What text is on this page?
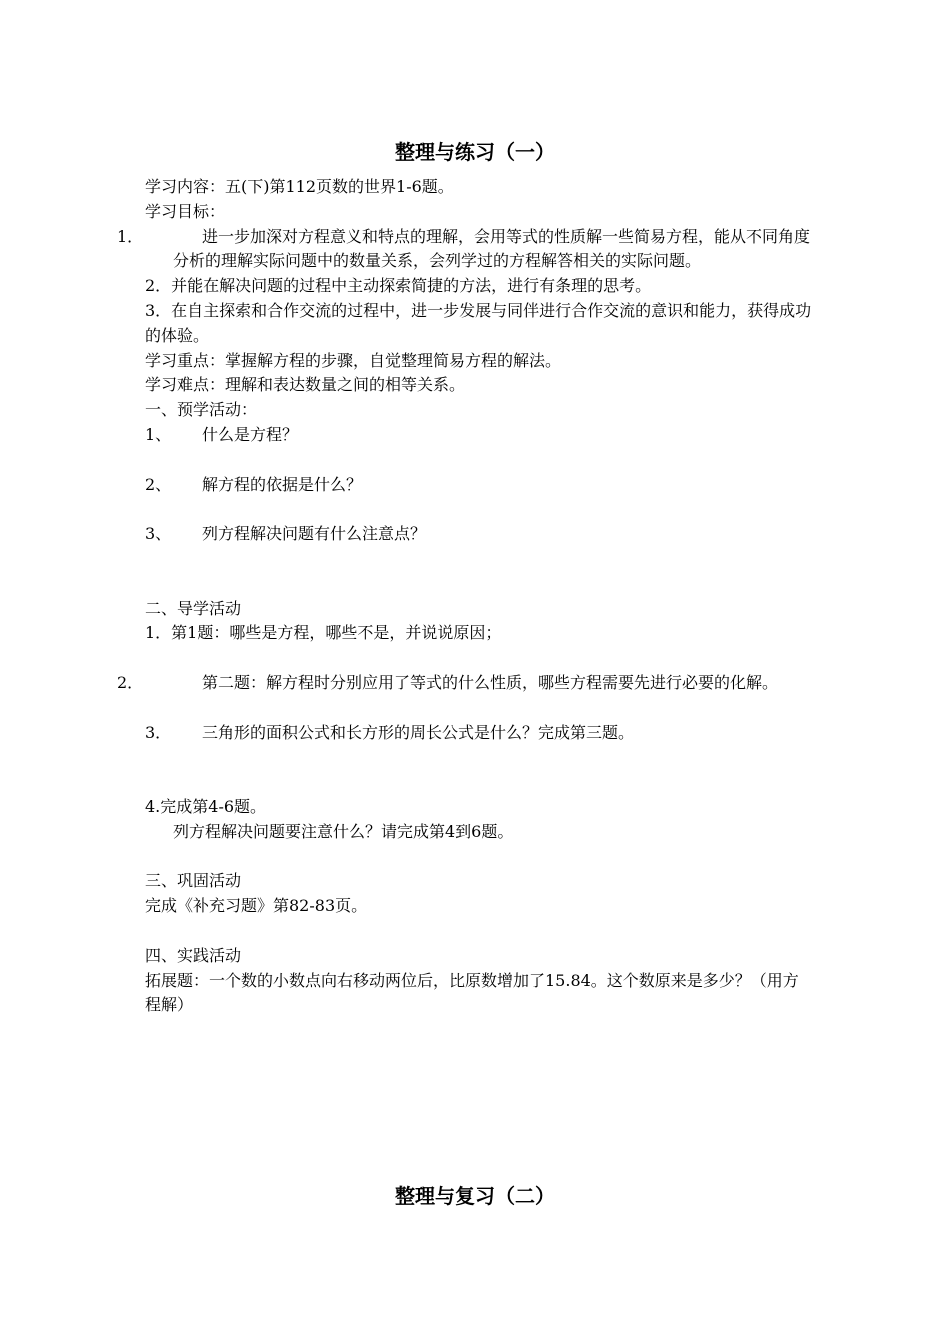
整理与练习（一）

学习内容：五(下)第112页数的世界1-6题。

学习目标：

1．	进一步加深对方程意义和特点的理解，会用等式的性质解一些简易方程，能从不同角度分析的理解实际问题中的数量关系，会列学过的方程解答相关的实际问题。

2．并能在解决问题的过程中主动探索简捷的方法，进行有条理的思考。

3．在自主探索和合作交流的过程中，进一步发展与同伴进行合作交流的意识和能力，获得成功的体验。

学习重点：掌握解方程的步骤，自觉整理简易方程的解法。

学习难点：理解和表达数量之间的相等关系。

一、预学活动：

1、 什么是方程？

2、 解方程的依据是什么？

3、 列方程解决问题有什么注意点？

二、导学活动

1．第1题：哪些是方程，哪些不是，并说说原因；

2．	第二题：解方程时分别应用了等式的什么性质，哪些方程需要先进行必要的化解。

3． 三角形的面积公式和长方形的周长公式是什么？完成第三题。

4.完成第4-6题。

列方程解决问题要注意什么？请完成第4到6题。

三、巩固活动

完成《补充习题》第82-83页。

四、实践活动

拓展题：一个数的小数点向右移动两位后，比原数增加了15.84。这个数原来是多少？（用方程解）

整理与复习（二）
